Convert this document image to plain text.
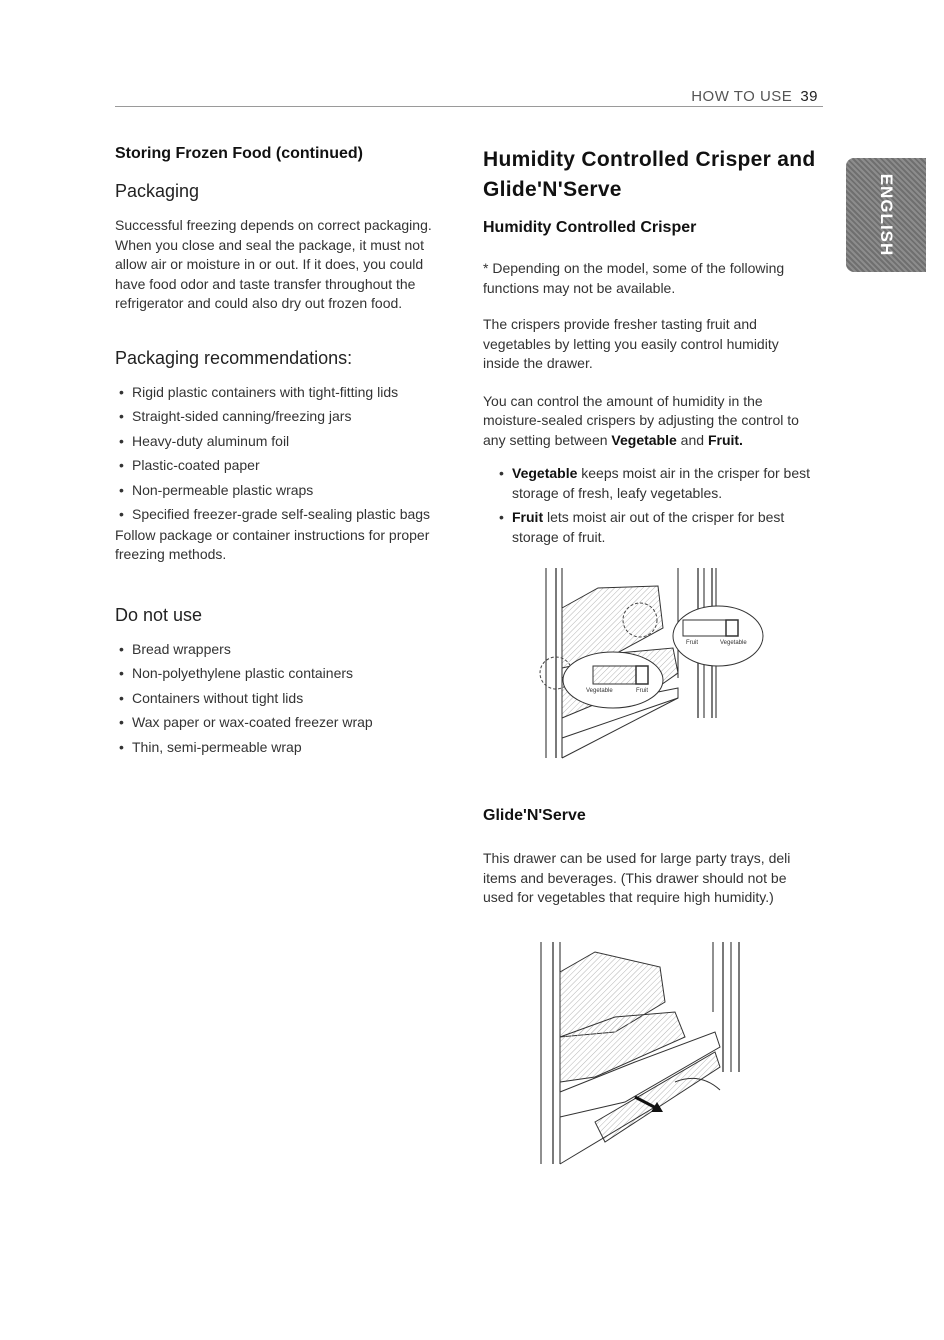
HOW TO USE 39
ENGLISH
Storing Frozen Food (continued)
Packaging

Successful freezing depends on correct packaging. When you close and seal the package, it must not allow air or moisture in or out. If it does, you could have food odor and taste transfer throughout the refrigerator and could also dry out frozen food.

Packaging recommendations:
• Rigid plastic containers with tight-fitting lids
• Straight-sided canning/freezing jars
• Heavy-duty aluminum foil
• Plastic-coated paper
• Non-permeable plastic wraps
• Specified freezer-grade self-sealing plastic bags

Follow package or container instructions for proper freezing methods.

Do not use
• Bread wrappers
• Non-polyethylene plastic containers
• Containers without tight lids
• Wax paper or wax-coated freezer wrap
• Thin, semi-permeable wrap
Humidity Controlled Crisper and Glide'N'Serve
Humidity Controlled Crisper

* Depending on the model, some of the following functions may not be available.

The crispers provide fresher tasting fruit and vegetables by letting you easily control humidity inside the drawer.

You can control the amount of humidity in the moisture-sealed crispers by adjusting the control to any setting between Vegetable and Fruit.

• Vegetable keeps moist air in the crisper for best storage of fresh, leafy vegetables.
• Fruit lets moist air out of the crisper for best storage of fruit.
Fruit	Vegetable
Vegetable	Fruit
Glide'N'Serve

This drawer can be used for large party trays, deli items and beverages. (This drawer should not be used for vegetables that require high humidity.)
